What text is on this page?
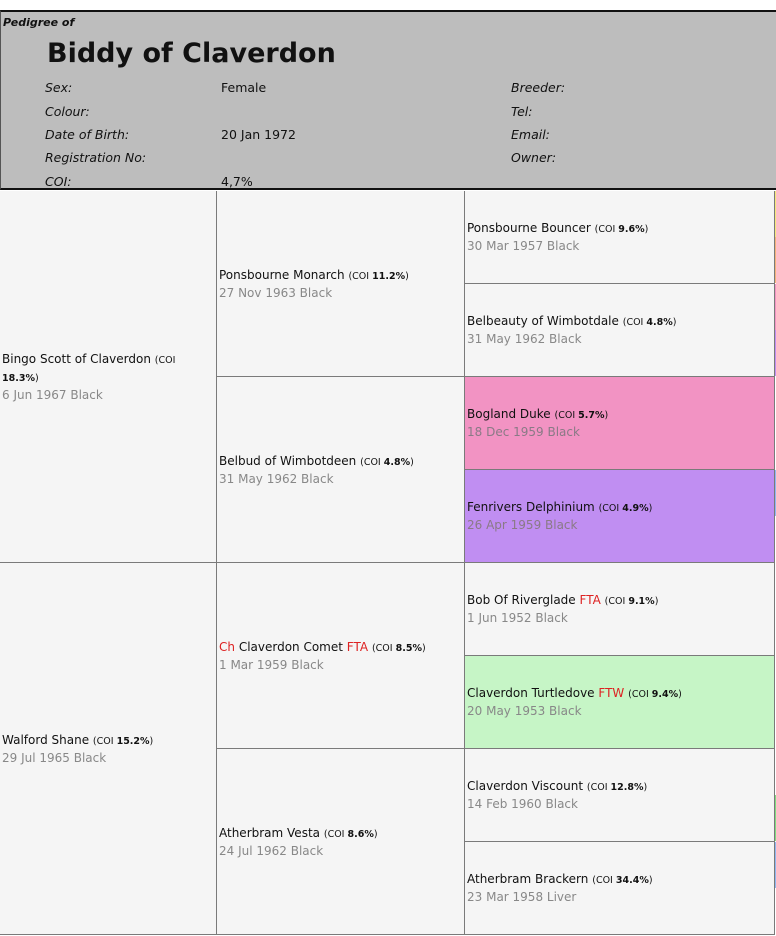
Pedigree of
Biddy of Claverdon
Sex:	Female
Colour:
Date of Birth:	20 Jan 1972
Registration No:
COI:	4,7%
Breeder:
Tel:
Email:
Owner:
Bingo Scott of Claverdon (COI 18.3%)
6 Jun 1967 Black
Walford Shane (COI 15.2%)
29 Jul 1965 Black
Ponsbourne Monarch (COI 11.2%)
27 Nov 1963 Black
Belbud of Wimbotdeen (COI 4.8%)
31 May 1962 Black
Ch Claverdon Comet FTA (COI 8.5%)
1 Mar 1959 Black
Atherbram Vesta (COI 8.6%)
24 Jul 1962 Black
Ponsbourne Bouncer (COI 9.6%)
30 Mar 1957 Black
Belbeauty of Wimbotdale (COI 4.8%)
31 May 1962 Black
Bogland Duke (COI 5.7%)
18 Dec 1959 Black
Fenrivers Delphinium (COI 4.9%)
26 Apr 1959 Black
Bob Of Riverglade FTA (COI 9.1%)
1 Jun 1952 Black
Claverdon Turtledove FTW (COI 9.4%)
20 May 1953 Black
Claverdon Viscount (COI 12.8%)
14 Feb 1960 Black
Atherbram Brackern (COI 34.4%)
23 Mar 1958 Liver
